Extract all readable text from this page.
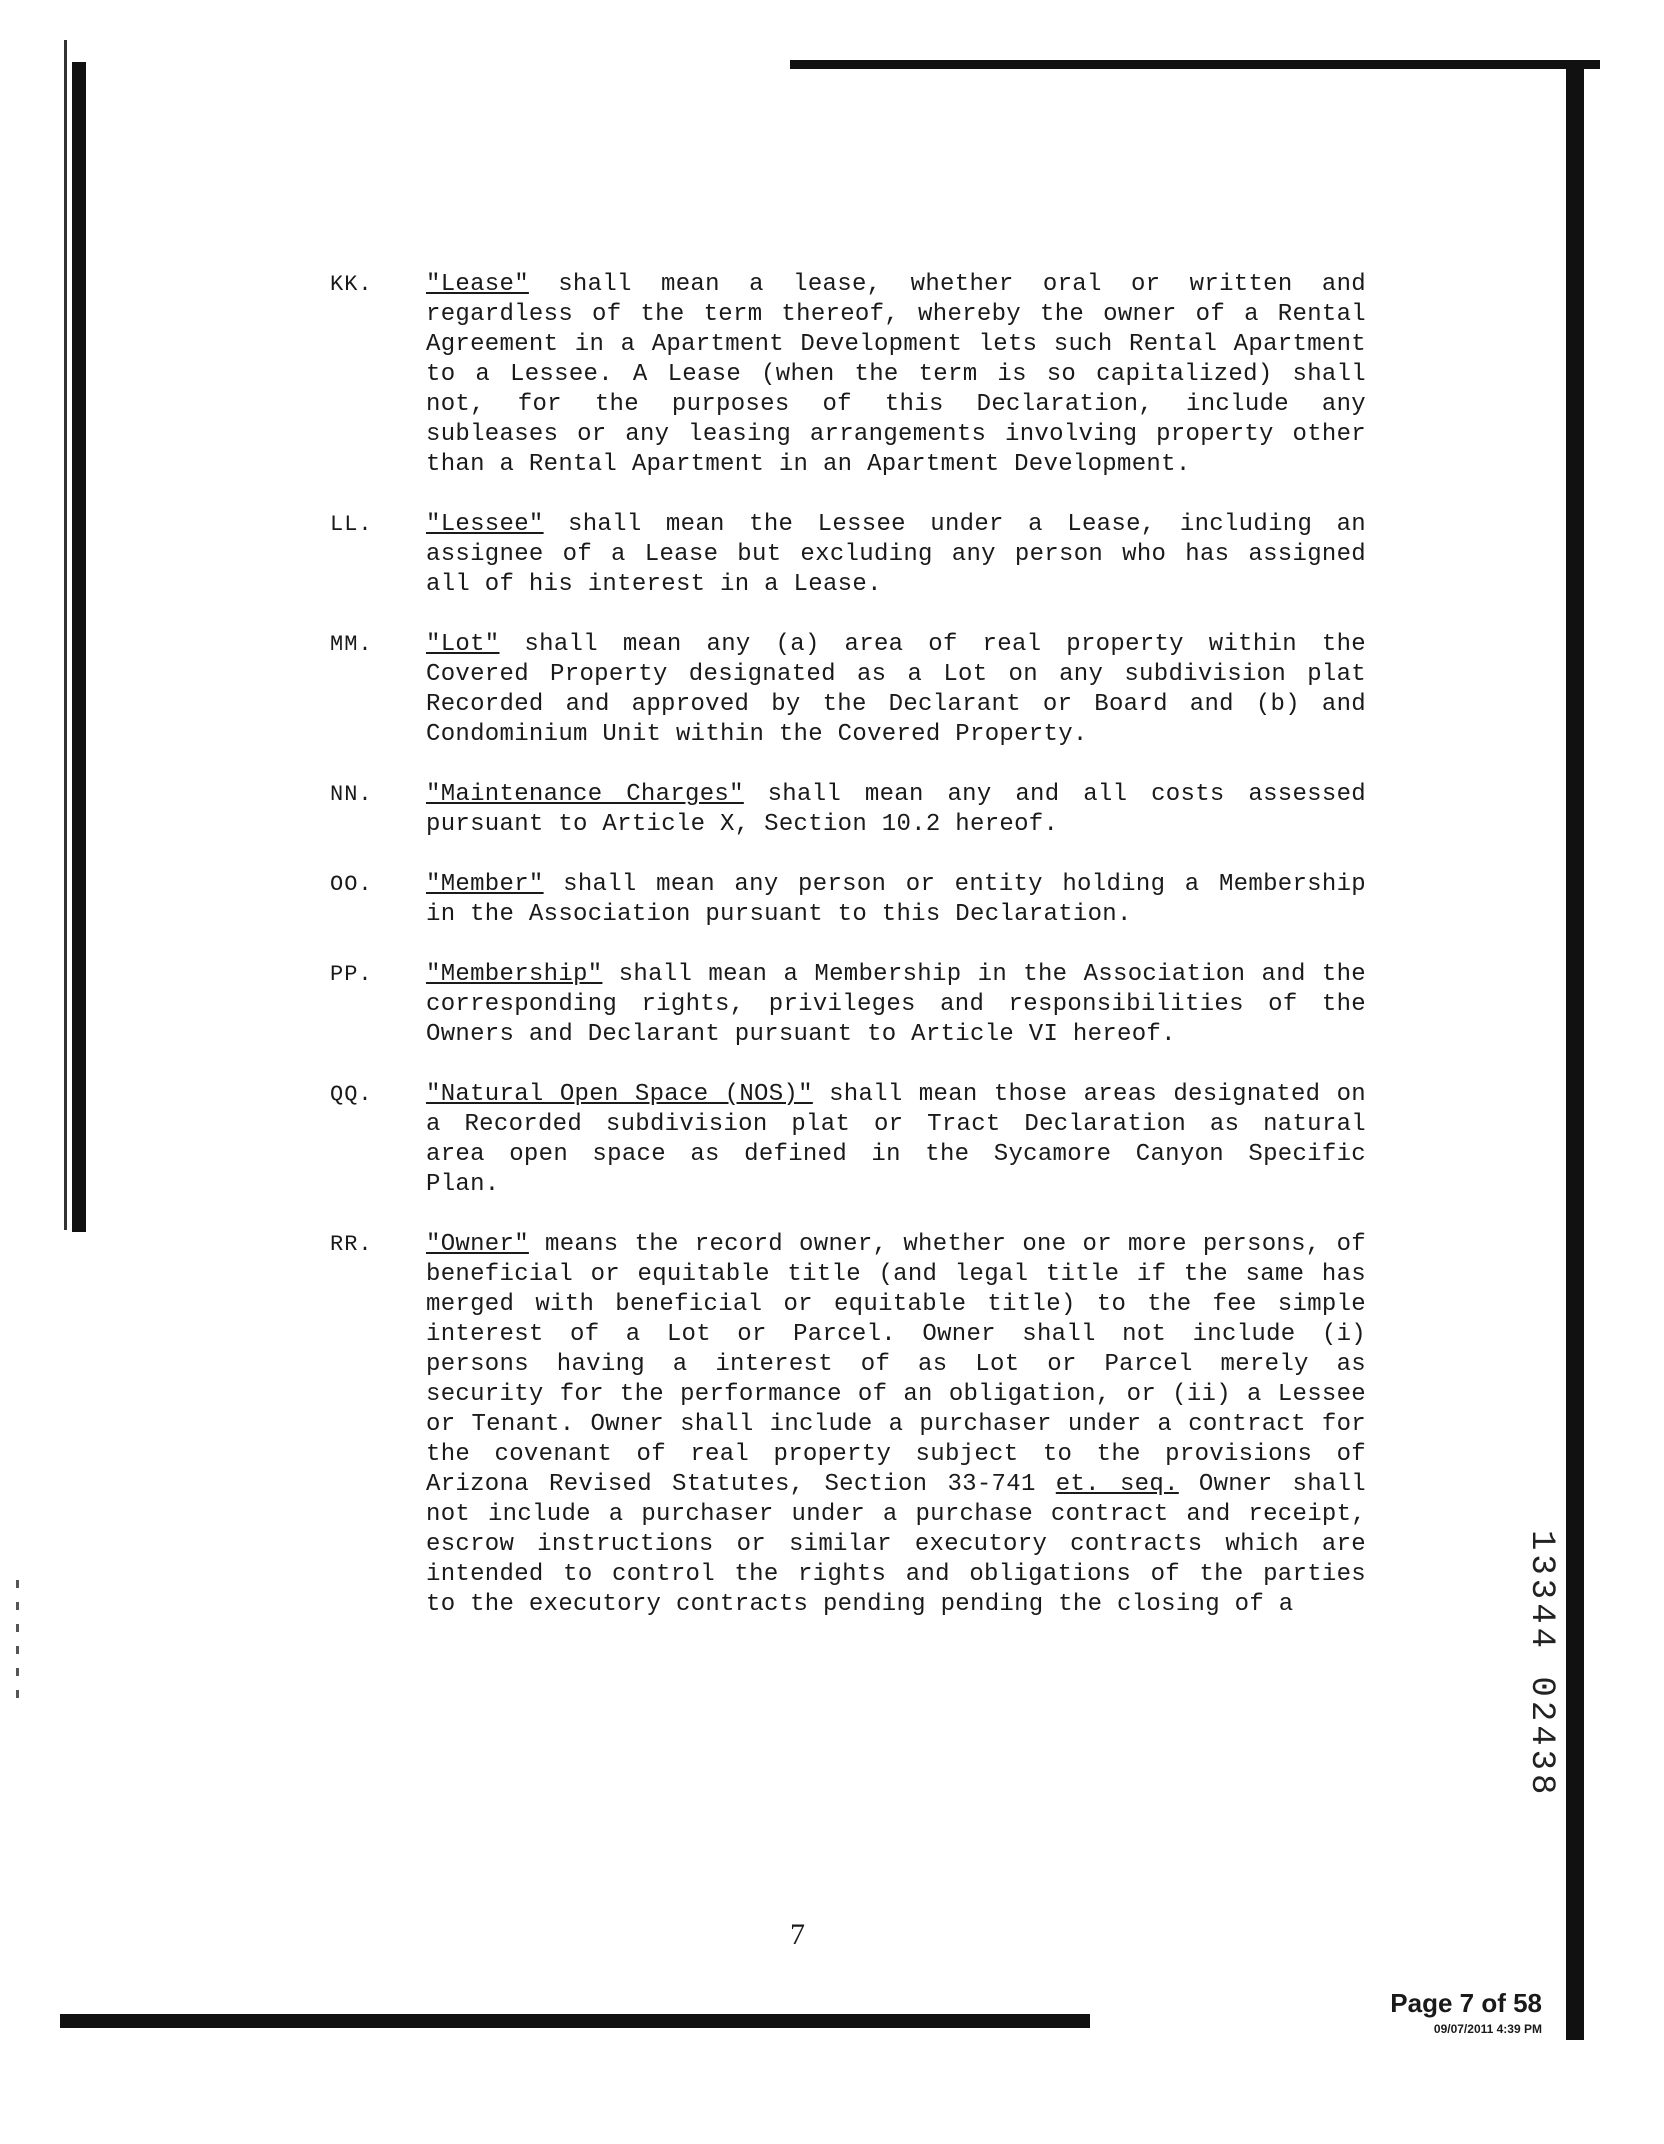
KK.	"Lease" shall mean a lease, whether oral or written and regardless of the term thereof, whereby the owner of a Rental Agreement in a Apartment Development lets such Rental Apartment to a Lessee. A Lease (when the term is so capitalized) shall not, for the purposes of this Declaration, include any subleases or any leasing arrangements involving property other than a Rental Apartment in an Apartment Development.
LL.	"Lessee" shall mean the Lessee under a Lease, including an assignee of a Lease but excluding any person who has assigned all of his interest in a Lease.
MM.	"Lot" shall mean any (a) area of real property within the Covered Property designated as a Lot on any subdivision plat Recorded and approved by the Declarant or Board and (b) and Condominium Unit within the Covered Property.
NN.	"Maintenance Charges" shall mean any and all costs assessed pursuant to Article X, Section 10.2 hereof.
OO.	"Member" shall mean any person or entity holding a Membership in the Association pursuant to this Declaration.
PP.	"Membership" shall mean a Membership in the Association and the corresponding rights, privileges and responsibilities of the Owners and Declarant pursuant to Article VI hereof.
QQ.	"Natural Open Space (NOS)" shall mean those areas designated on a Recorded subdivision plat or Tract Declaration as natural area open space as defined in the Sycamore Canyon Specific Plan.
RR.	"Owner" means the record owner, whether one or more persons, of beneficial or equitable title (and legal title if the same has merged with beneficial or equitable title) to the fee simple interest of a Lot or Parcel. Owner shall not include (i) persons having a interest of as Lot or Parcel merely as security for the performance of an obligation, or (ii) a Lessee or Tenant. Owner shall include a purchaser under a contract for the covenant of real property subject to the provisions of Arizona Revised Statutes, Section 33-741 et. seq. Owner shall not include a purchaser under a purchase contract and receipt, escrow instructions or similar executory contracts which are intended to control the rights and obligations of the parties to the executory contracts pending pending the closing of a
7
Page 7 of 58
09/07/2011 4:39 PM
13344 02438
